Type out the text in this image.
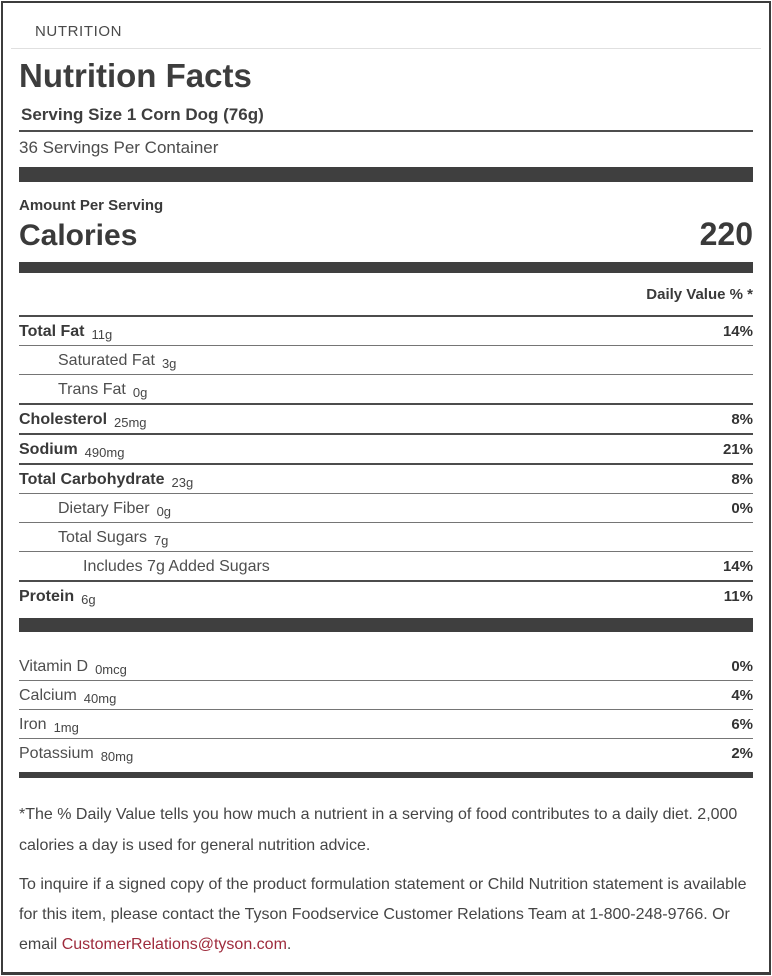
NUTRITION
Nutrition Facts
Serving Size 1 Corn Dog (76g)
36 Servings Per Container
Amount Per Serving
Calories	220
Daily Value % *
Total Fat 11g	14%
Saturated Fat 3g
Trans Fat 0g
Cholesterol 25mg	8%
Sodium 490mg	21%
Total Carbohydrate 23g	8%
Dietary Fiber 0g	0%
Total Sugars 7g
Includes 7g Added Sugars	14%
Protein 6g	11%
Vitamin D 0mcg	0%
Calcium 40mg	4%
Iron 1mg	6%
Potassium 80mg	2%

*The % Daily Value tells you how much a nutrient in a serving of food contributes to a daily diet. 2,000 calories a day is used for general nutrition advice.

To inquire if a signed copy of the product formulation statement or Child Nutrition statement is available for this item, please contact the Tyson Foodservice Customer Relations Team at 1-800-248-9766. Or email CustomerRelations@tyson.com.
